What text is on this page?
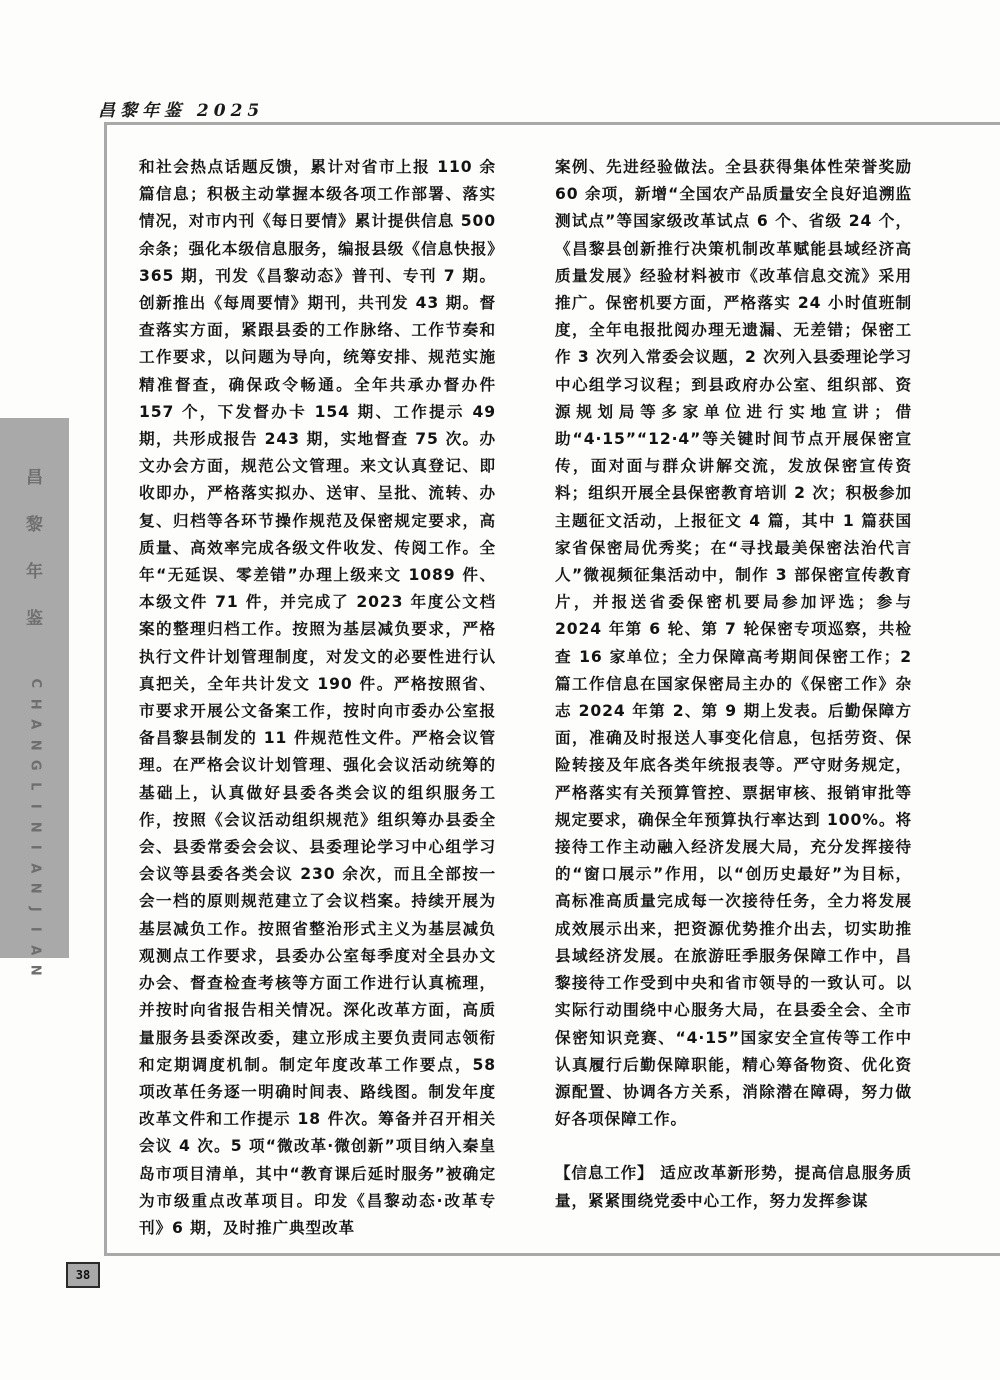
昌黎年鉴 2025
昌
黎
年
鉴
C
H
A
N
G
L
I
N
I
A
N
J
I
A
N

和社会热点话题反馈，累计对省市上报 110 余篇信息；积极主动掌握本级各项工作部署、落实情况，对市内刊《每日要情》累计提供信息 500 余条；强化本级信息服务，编报县级《信息快报》365 期，刊发《昌黎动态》普刊、专刊 7 期。创新推出《每周要情》期刊，共刊发 43 期。督查落实方面，紧跟县委的工作脉络、工作节奏和工作要求，以问题为导向，统筹安排、规范实施精准督查，确保政令畅通。全年共承办督办件 157 个，下发督办卡 154 期、工作提示 49 期，共形成报告 243 期，实地督查 75 次。办文办会方面，规范公文管理。来文认真登记、即收即办，严格落实拟办、送审、呈批、流转、办复、归档等各环节操作规范及保密规定要求，高质量、高效率完成各级文件收发、传阅工作。全年“无延误、零差错”办理上级来文 1089 件、本级文件 71 件，并完成了 2023 年度公文档案的整理归档工作。按照为基层减负要求，严格执行文件计划管理制度，对发文的必要性进行认真把关，全年共计发文 190 件。严格按照省、市要求开展公文备案工作，按时向市委办公室报备昌黎县制发的 11 件规范性文件。严格会议管理。在严格会议计划管理、强化会议活动统筹的基础上，认真做好县委各类会议的组织服务工作，按照《会议活动组织规范》组织筹办县委全会、县委常委会会议、县委理论学习中心组学习会议等县委各类会议 230 余次，而且全部按一会一档的原则规范建立了会议档案。持续开展为基层减负工作。按照省整治形式主义为基层减负观测点工作要求，县委办公室每季度对全县办文办会、督查检查考核等方面工作进行认真梳理，并按时向省报告相关情况。深化改革方面，高质量服务县委深改委，建立形成主要负责同志领衔和定期调度机制。制定年度改革工作要点，58 项改革任务逐一明确时间表、路线图。制发年度改革文件和工作提示 18 件次。筹备并召开相关会议 4 次。5 项“微改革·微创新”项目纳入秦皇岛市项目清单，其中“教育课后延时服务”被确定为市级重点改革项目。印发《昌黎动态·改革专刊》6 期，及时推广典型改革

案例、先进经验做法。全县获得集体性荣誉奖励 60 余项，新增“全国农产品质量安全良好追溯监测试点”等国家级改革试点 6 个、省级 24 个，《昌黎县创新推行决策机制改革赋能县域经济高质量发展》经验材料被市《改革信息交流》采用推广。保密机要方面，严格落实 24 小时值班制度，全年电报批阅办理无遗漏、无差错；保密工作 3 次列入常委会议题，2 次列入县委理论学习中心组学习议程；到县政府办公室、组织部、资源规划局等多家单位进行实地宣讲；借助“4·15”“12·4”等关键时间节点开展保密宣传，面对面与群众讲解交流，发放保密宣传资料；组织开展全县保密教育培训 2 次；积极参加主题征文活动，上报征文 4 篇，其中 1 篇获国家省保密局优秀奖；在“寻找最美保密法治代言人”微视频征集活动中，制作 3 部保密宣传教育片，并报送省委保密机要局参加评选；参与 2024 年第 6 轮、第 7 轮保密专项巡察，共检查 16 家单位；全力保障高考期间保密工作；2 篇工作信息在国家保密局主办的《保密工作》杂志 2024 年第 2、第 9 期上发表。后勤保障方面，准确及时报送人事变化信息，包括劳资、保险转接及年底各类年统报表等。严守财务规定，严格落实有关预算管控、票据审核、报销审批等规定要求，确保全年预算执行率达到 100%。将接待工作主动融入经济发展大局，充分发挥接待的“窗口展示”作用，以“创历史最好”为目标，高标准高质量完成每一次接待任务，全力将发展成效展示出来，把资源优势推介出去，切实助推县域经济发展。在旅游旺季服务保障工作中，昌黎接待工作受到中央和省市领导的一致认可。以实际行动围绕中心服务大局，在县委全会、全市保密知识竞赛、“4·15”国家安全宣传等工作中认真履行后勤保障职能，精心筹备物资、优化资源配置、协调各方关系，消除潜在障碍，努力做好各项保障工作。

【信息工作】 适应改革新形势，提高信息服务质量，紧紧围绕党委中心工作，努力发挥参谋

38
